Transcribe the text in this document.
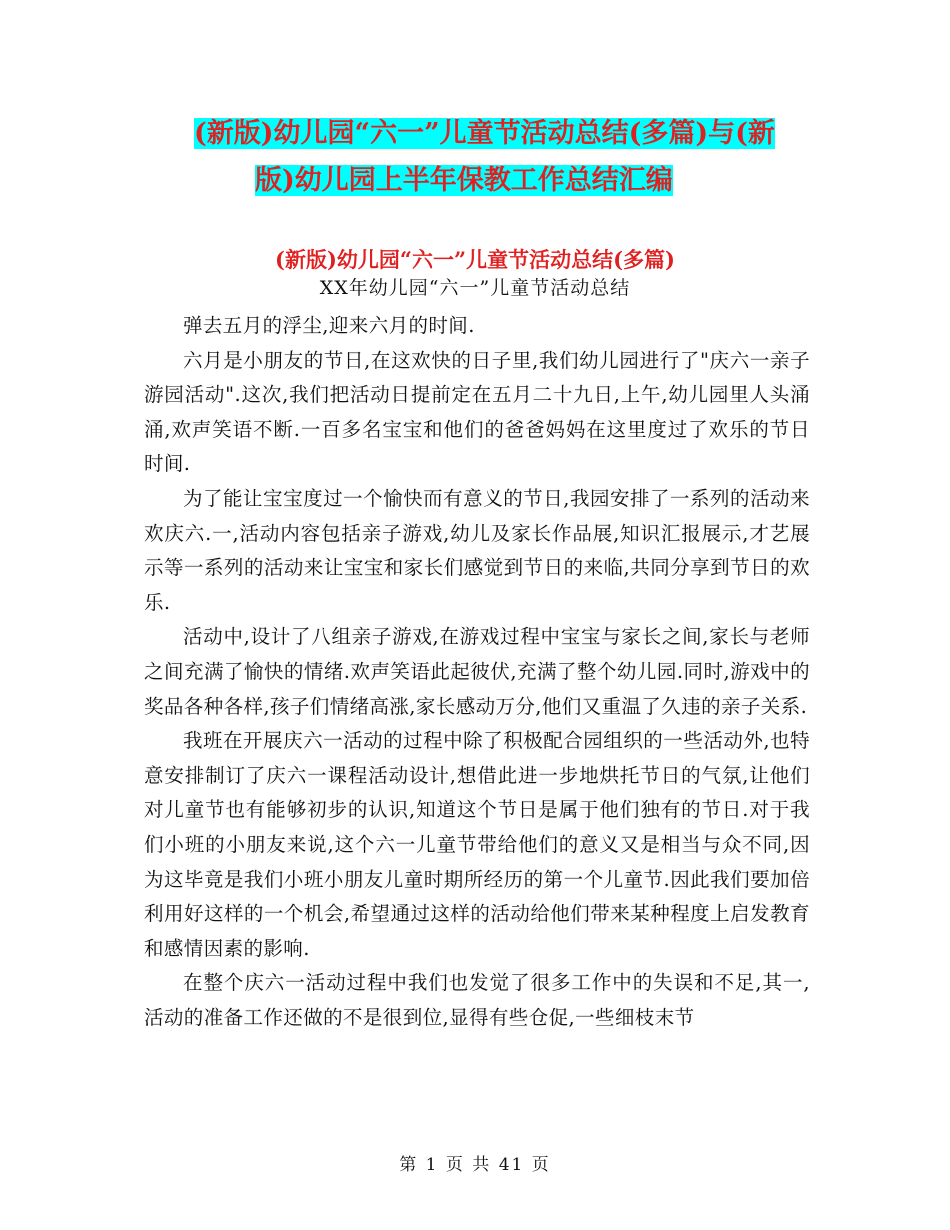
(新版)幼儿园“六一”儿童节活动总结(多篇)与(新
版)幼儿园上半年保教工作总结汇编
(新版)幼儿园“六一”儿童节活动总结(多篇)
XX年幼儿园“六一”儿童节活动总结

弹去五月的浮尘,迎来六月的时间.

六月是小朋友的节日,在这欢快的日子里,我们幼儿园进行了"庆六一亲子游园活动".这次,我们把活动日提前定在五月二十九日,上午,幼儿园里人头涌涌,欢声笑语不断.一百多名宝宝和他们的爸爸妈妈在这里度过了欢乐的节日时间.

为了能让宝宝度过一个愉快而有意义的节日,我园安排了一系列的活动来欢庆六.一,活动内容包括亲子游戏,幼儿及家长作品展,知识汇报展示,才艺展示等一系列的活动来让宝宝和家长们感觉到节日的来临,共同分享到节日的欢乐.

活动中,设计了八组亲子游戏,在游戏过程中宝宝与家长之间,家长与老师之间充满了愉快的情绪.欢声笑语此起彼伏,充满了整个幼儿园.同时,游戏中的奖品各种各样,孩子们情绪高涨,家长感动万分,他们又重温了久违的亲子关系.

我班在开展庆六一活动的过程中除了积极配合园组织的一些活动外,也特意安排制订了庆六一课程活动设计,想借此进一步地烘托节日的气氛,让他们对儿童节也有能够初步的认识,知道这个节日是属于他们独有的节日.对于我们小班的小朋友来说,这个六一儿童节带给他们的意义又是相当与众不同,因为这毕竟是我们小班小朋友儿童时期所经历的第一个儿童节.因此我们要加倍利用好这样的一个机会,希望通过这样的活动给他们带来某种程度上启发教育和感情因素的影响.

在整个庆六一活动过程中我们也发觉了很多工作中的失误和不足,其一,活动的准备工作还做的不是很到位,显得有些仓促,一些细枝末节

第 1 页 共 41 页
